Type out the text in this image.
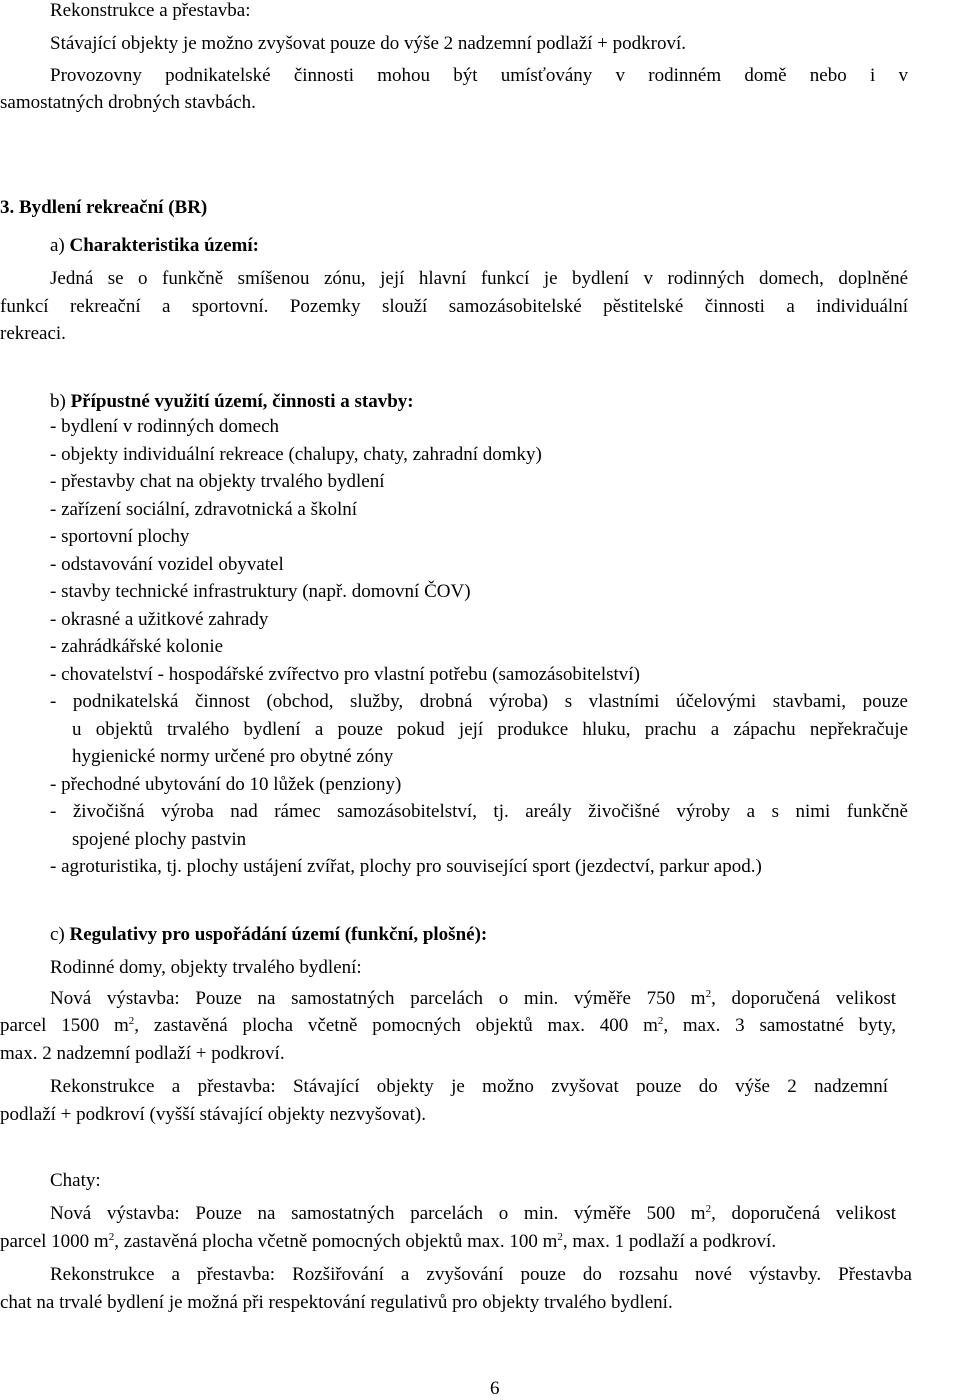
Rekonstrukce a přestavba:

Stávající objekty je možno zvyšovat pouze do výše 2 nadzemní podlaží + podkroví.

Provozovny podnikatelské činnosti mohou být umísťovány v rodinném domě nebo i v

samostatných drobných stavbách.

3. Bydlení rekreační (BR)

a) Charakteristika území:

Jedná se o funkčně smíšenou zónu, její hlavní funkcí je bydlení v rodinných domech, doplněné

funkcí rekreační a sportovní. Pozemky slouží samozásobitelské pěstitelské činnosti a individuální

rekreaci.

b) Přípustné využití území, činnosti a stavby:

- bydlení v rodinných domech

- objekty individuální rekreace (chalupy, chaty, zahradní domky)

- přestavby chat na objekty trvalého bydlení

- zařízení sociální, zdravotnická a školní

- sportovní plochy

- odstavování vozidel obyvatel

- stavby technické infrastruktury (např. domovní ČOV)

- okrasné a užitkové zahrady

- zahrádkářské kolonie

- chovatelství - hospodářské zvířectvo pro vlastní potřebu (samozásobitelství)

- podnikatelská činnost (obchod, služby, drobná výroba) s vlastními účelovými stavbami, pouze

u objektů trvalého bydlení a pouze pokud její produkce hluku, prachu a zápachu nepřekračuje

hygienické normy určené pro obytné zóny

- přechodné ubytování do 10 lůžek (penziony)

- živočišná výroba nad rámec samozásobitelství, tj. areály živočišné výroby a s nimi funkčně

spojené plochy pastvin

- agroturistika, tj. plochy ustájení zvířat, plochy pro související sport (jezdectví, parkur apod.)

c) Regulativy pro uspořádání území (funkční, plošné):

Rodinné domy, objekty trvalého bydlení:

Nová výstavba: Pouze na samostatných parcelách o min. výměře 750 $m^2$, doporučená velikost

parcel 1500 $m^2$, zastavěná plocha včetně pomocných objektů max. 400 $m^2$, max. 3 samostatné byty,

max. 2 nadzemní podlaží + podkroví.

Rekonstrukce a přestavba: Stávající objekty je možno zvyšovat pouze do výše 2 nadzemní

podlaží + podkroví (vyšší stávající objekty nezvyšovat).

Chaty:

Nová výstavba: Pouze na samostatných parcelách o min. výměře 500 $m^2$, doporučená velikost

parcel 1000 $m^2$, zastavěná plocha včetně pomocných objektů max. 100 $m^2$, max. 1 podlaží a podkroví.

Rekonstrukce a přestavba: Rozšiřování a zvyšování pouze do rozsahu nové výstavby. Přestavba

chat na trvalé bydlení je možná při respektování regulativů pro objekty trvalého bydlení.

6
